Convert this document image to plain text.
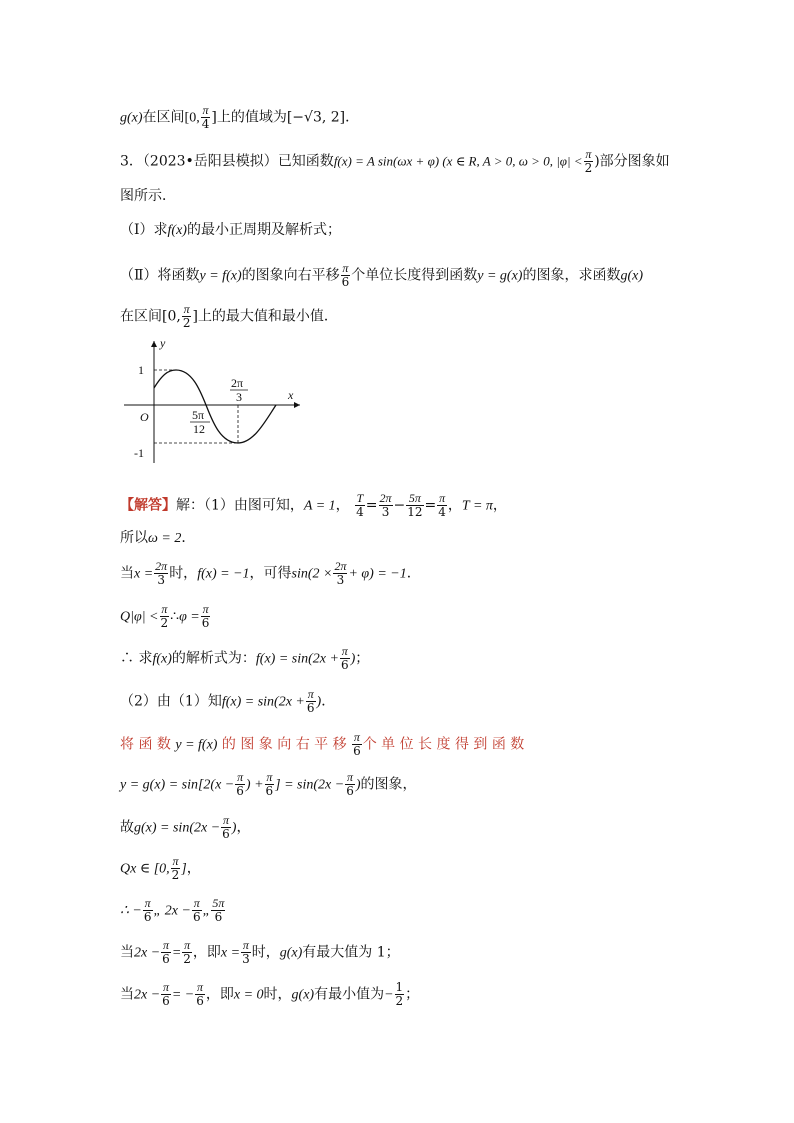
g(x)在区间[0, $\frac{\pi}{4}$ ]上的值域为[−√3, 2]．
3．（2023•岳阳县模拟）已知函数f(x) = A sin(ωx + φ) (x ∈ R, A > 0, ω > 0, $|\varphi| < \frac{\pi}{2}$ )部分图象如
图所示．
（Ⅰ）求f(x)的最小正周期及解析式；
（Ⅱ）将函数y = f(x)的图象向右平移 $\frac{\pi}{6}$ 个单位长度得到函数y = g(x)的图象，求函数g(x)
在区间[0, $\frac{\pi}{2}$ ]上的最大值和最小值．
y
x
O
1
-1
2π
3
5π
12
【解答】解：（1）由图可知，A = 1， $\frac{T}{4} = \frac{2\pi}{3} - \frac{5\pi}{12} = \frac{\pi}{4}$ ，T = π，
所以ω = 2．
当$x = \frac{2\pi}{3}$ 时，f(x) = −1，可得$\sin(2 \times \frac{2\pi}{3} + \varphi) = -1$．
$Q|\varphi| < \frac{\pi}{2}$ ∴φ = $\frac{\pi}{6}$
∴ 求f(x)的解析式为：$f(x) = \sin(2x + \frac{\pi}{6}$ )；
（2）由（1）知$f(x) = \sin(2x + \frac{\pi}{6}$ )．
将 函 数 y = f(x) 的 图 象 向 右 平 移 $\frac{\pi}{6}$ 个 单 位 长 度 得 到 函 数
$y = g(x) = \sin[2(x - \frac{\pi}{6}$ ) + $\frac{\pi}{6}$ ] = $\sin(2x - \frac{\pi}{6}$ )的图象，
故$g(x) = \sin(2x - \frac{\pi}{6}$ )，
Qx ∈ [0, $\frac{\pi}{2}$ ]，
∴ − $\frac{\pi}{6}$ „ $2x - \frac{\pi}{6}$ „ $\frac{5\pi}{6}$
当$2x - \frac{\pi}{6} = \frac{\pi}{2}$ ，即$x = \frac{\pi}{3}$ 时，g(x)有最大值为 1；
当$2x - \frac{\pi}{6}$ = − $\frac{\pi}{6}$ ，即x = 0时，g(x)有最小值为− $\frac{1}{2}$ ；
